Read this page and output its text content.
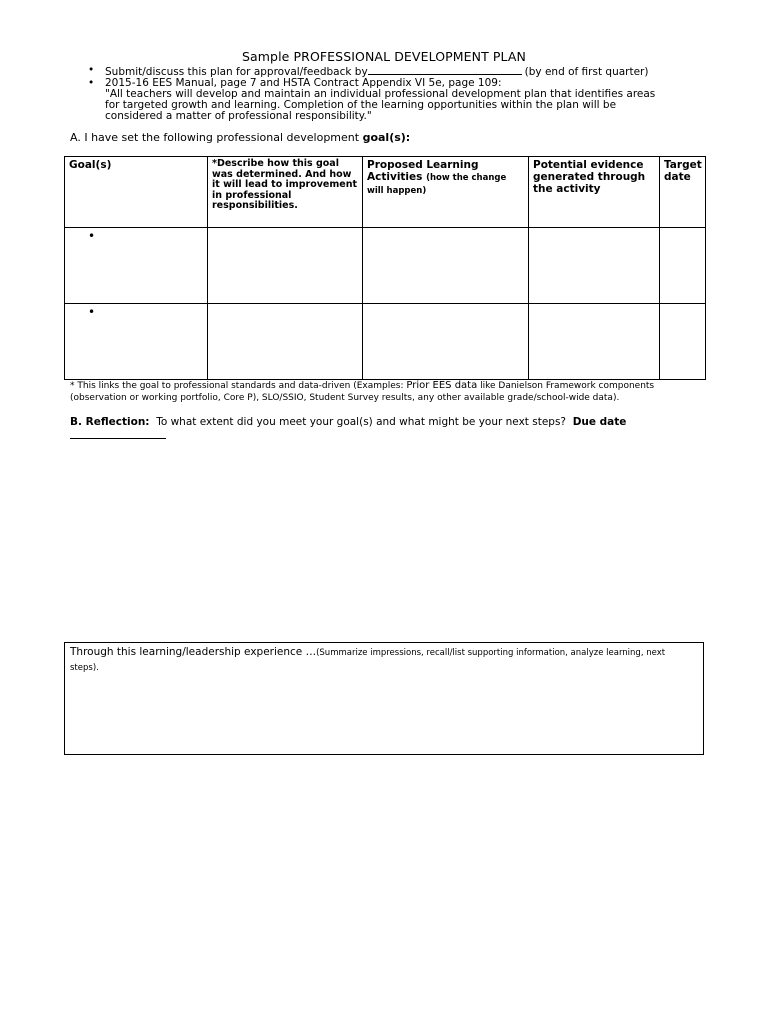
Sample PROFESSIONAL DEVELOPMENT PLAN
• Submit/discuss this plan for approval/feedback by	(by end of first quarter)
• 2015-16 EES Manual, page 7 and HSTA Contract Appendix VI 5e, page 109:
"All teachers will develop and maintain an individual professional development plan that identifies areas
for targeted growth and learning. Completion of the learning opportunities within the plan will be
considered a matter of professional responsibility."
A. I have set the following professional development goal(s):
Goal(s)	*Describe how this goal was determined. And how it will lead to improvement in professional responsibilities.	Proposed Learning Activities (how the change will happen)	Potential evidence generated through the activity	Target date

•				

•				

* This links the goal to professional standards and data-driven (Examples: Prior EES data like Danielson Framework components (observation or working portfolio, Core P), SLO/SSIO, Student Survey results, any other available grade/school-wide data).
B. Reflection: To what extent did you meet your goal(s) and what might be your next steps? Due date
Through this learning/leadership experience …(Summarize impressions, recall/list supporting information, analyze learning, next steps).
